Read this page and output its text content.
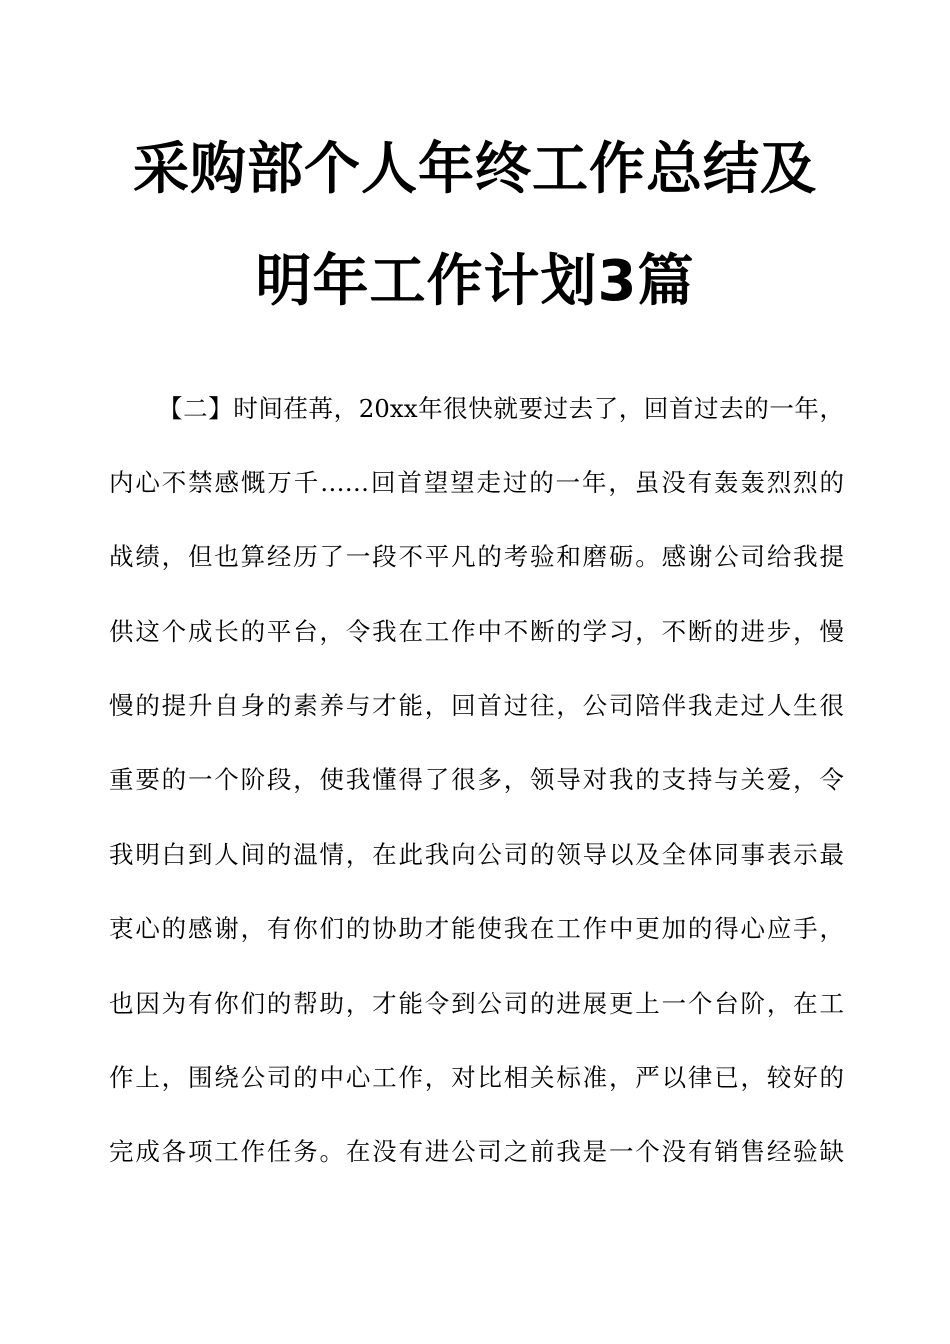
采购部个人年终工作总结及
明年工作计划3篇
【二】时间荏苒，20xx年很快就要过去了，回首过去的一年，
内心不禁感慨万千……回首望望走过的一年，虽没有轰轰烈烈的
战绩，但也算经历了一段不平凡的考验和磨砺。感谢公司给我提
供这个成长的平台，令我在工作中不断的学习，不断的进步，慢
慢的提升自身的素养与才能，回首过往，公司陪伴我走过人生很
重要的一个阶段，使我懂得了很多，领导对我的支持与关爱，令
我明白到人间的温情，在此我向公司的领导以及全体同事表示最
衷心的感谢，有你们的协助才能使我在工作中更加的得心应手，
也因为有你们的帮助，才能令到公司的进展更上一个台阶，在工
作上，围绕公司的中心工作，对比相关标准，严以律已，较好的
完成各项工作任务。在没有进公司之前我是一个没有销售经验缺
